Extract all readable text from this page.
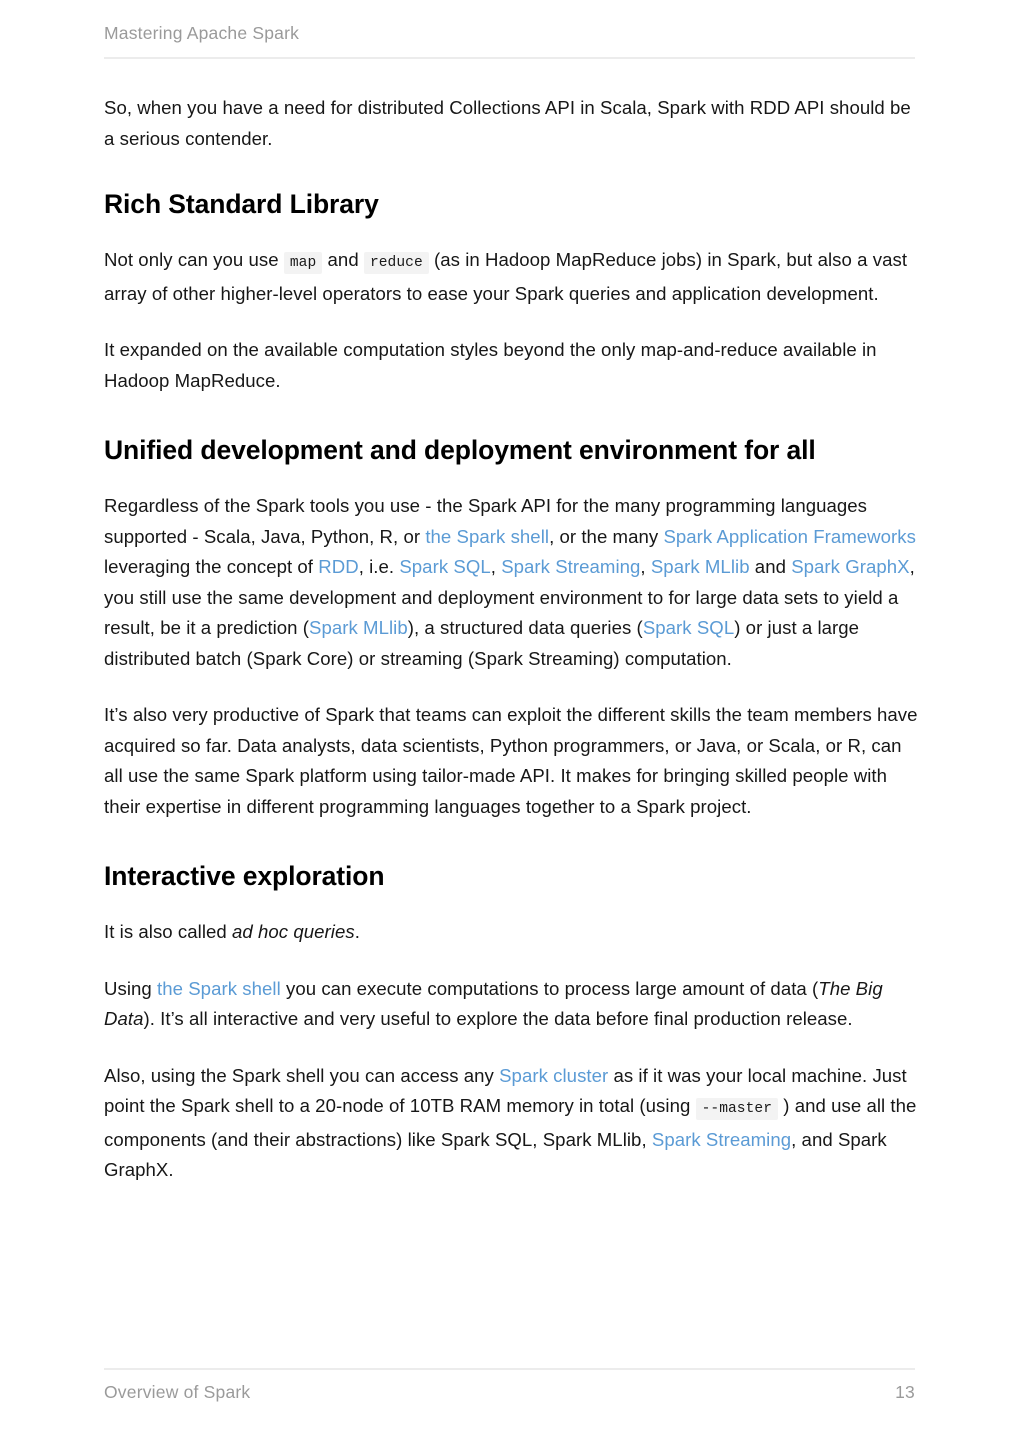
Mastering Apache Spark

So, when you have a need for distributed Collections API in Scala, Spark with RDD API should be a serious contender.

Rich Standard Library

Not only can you use map and reduce (as in Hadoop MapReduce jobs) in Spark, but also a vast array of other higher-level operators to ease your Spark queries and application development.

It expanded on the available computation styles beyond the only map-and-reduce available in Hadoop MapReduce.

Unified development and deployment environment for all

Regardless of the Spark tools you use - the Spark API for the many programming languages supported - Scala, Java, Python, R, or the Spark shell, or the many Spark Application Frameworks leveraging the concept of RDD, i.e. Spark SQL, Spark Streaming, Spark MLlib and Spark GraphX, you still use the same development and deployment environment to for large data sets to yield a result, be it a prediction (Spark MLlib), a structured data queries (Spark SQL) or just a large distributed batch (Spark Core) or streaming (Spark Streaming) computation.

It’s also very productive of Spark that teams can exploit the different skills the team members have acquired so far. Data analysts, data scientists, Python programmers, or Java, or Scala, or R, can all use the same Spark platform using tailor-made API. It makes for bringing skilled people with their expertise in different programming languages together to a Spark project.

Interactive exploration

It is also called ad hoc queries.

Using the Spark shell you can execute computations to process large amount of data (The Big Data). It’s all interactive and very useful to explore the data before final production release.

Also, using the Spark shell you can access any Spark cluster as if it was your local machine. Just point the Spark shell to a 20-node of 10TB RAM memory in total (using --master ) and use all the components (and their abstractions) like Spark SQL, Spark MLlib, Spark Streaming, and Spark GraphX.

Overview of Spark	13
